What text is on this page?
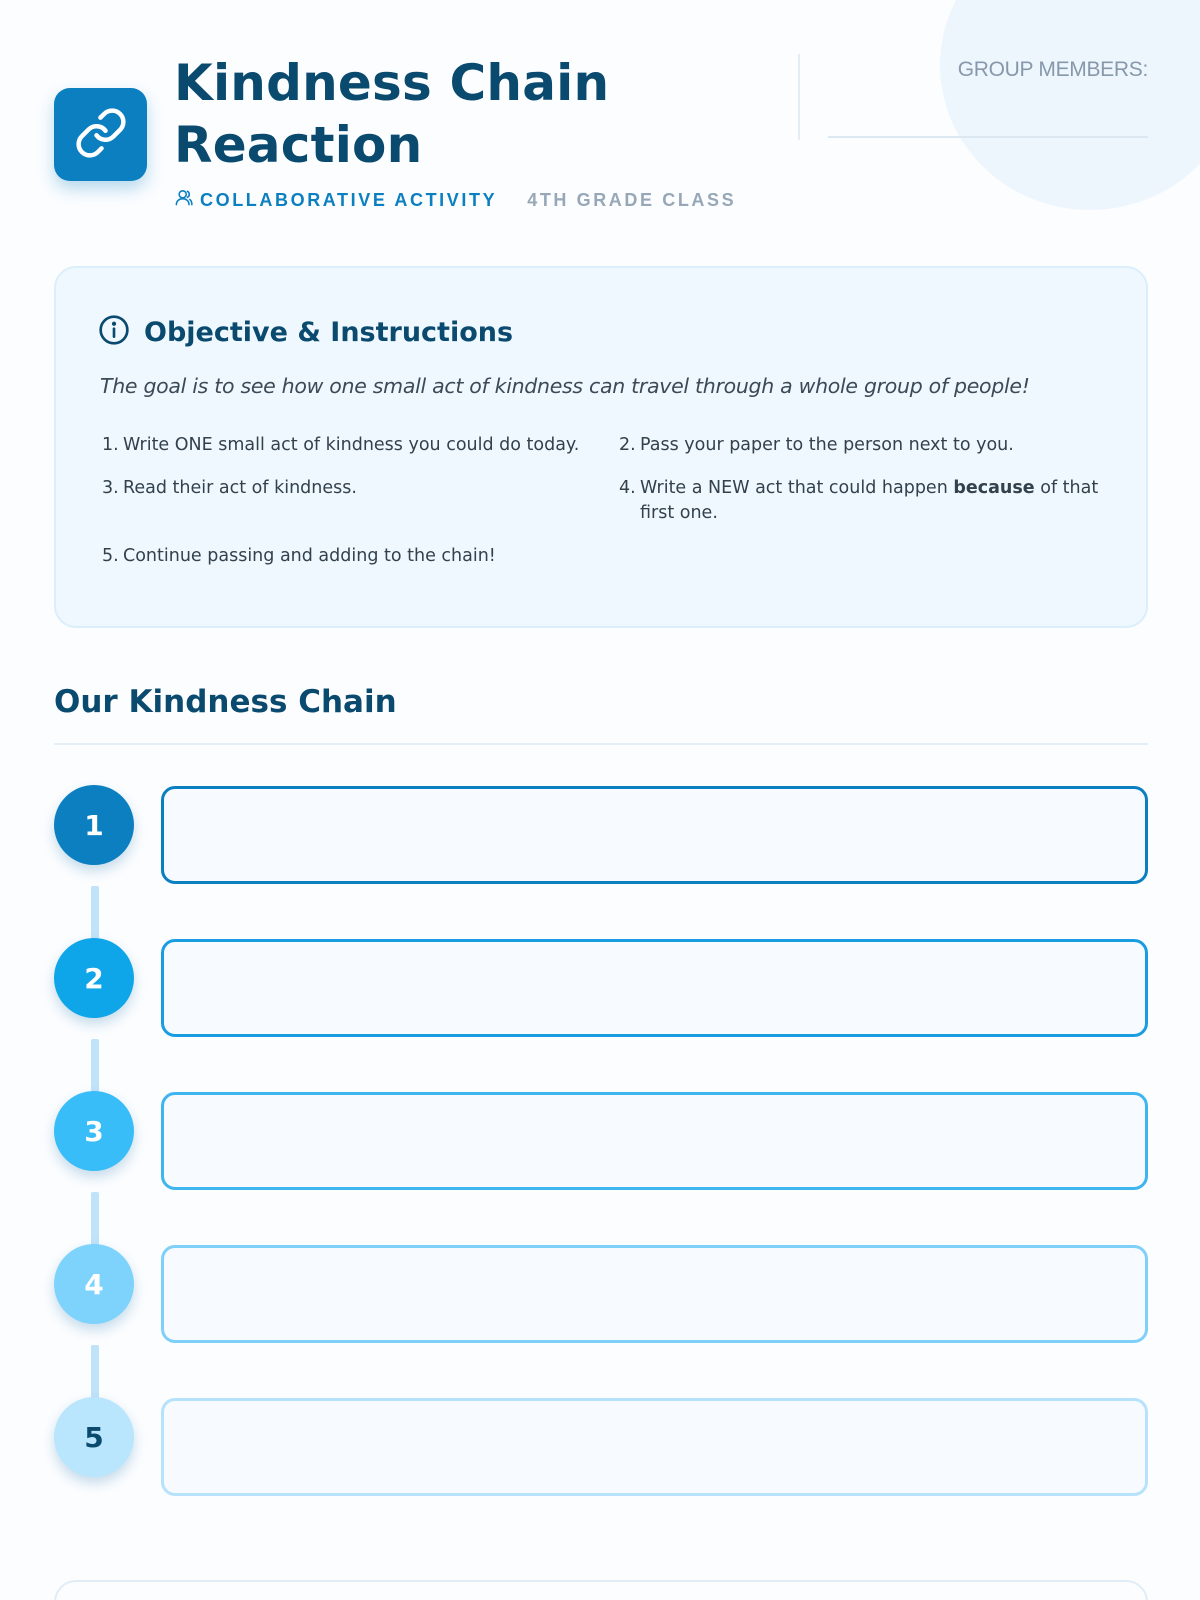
Kindness Chain Reaction
COLLABORATIVE ACTIVITY 4TH GRADE CLASS
GROUP MEMBERS:
Objective & Instructions

The goal is to see how one small act of kindness can travel through a whole group of people!

1. Write ONE small act of kindness you could do today.	2. Pass your paper to the person next to you.
3. Read their act of kindness.	4. Write a NEW act that could happen because of that first one.
5. Continue passing and adding to the chain!
Our Kindness Chain
1
2
3
4
5
